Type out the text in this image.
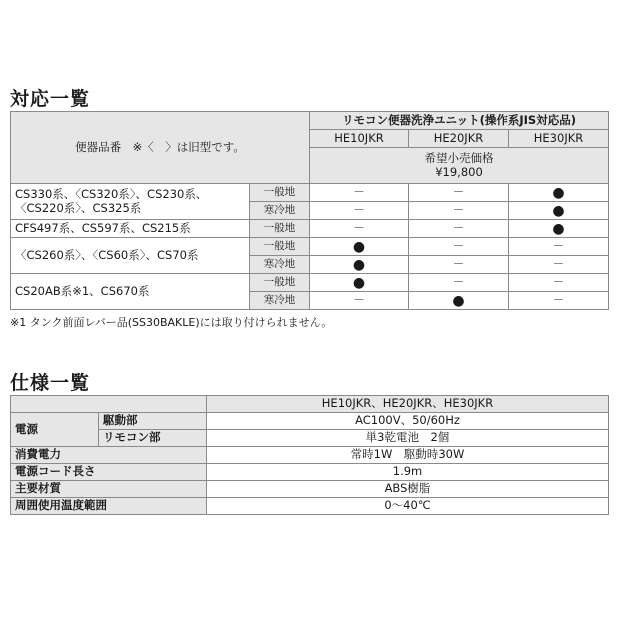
対応一覧
便器品番　※〈　〉は旧型です。		リモコン便器洗浄ユニット(操作系JIS対応品)		
		HE10JKR	HE20JKR	HE30JKR

		希望小売価格
¥19,800		

CS330系、〈CS320系〉、CS230系、
〈CS220系〉、CS325系	一般地	－	－	●
	寒冷地	－	－	●
CFS497系、CS597系、CS215系	一般地	－	－	●
〈CS260系〉、〈CS60系〉、CS70系	一般地	●	－	－
	寒冷地	●	－	－
CS20AB系※1、CS670系	一般地	●	－	－
	寒冷地	－	●	－
※1 タンク前面レバー品(SS30BAKLE)には取り付けられません。
仕様一覧
		HE10JKR、HE20JKR、HE30JKR
電源	駆動部	AC100V、50/60Hz
	リモコン部	単3乾電池　2個
消費電力		常時1W　駆動時30W
電源コード長さ		1.9m
主要材質		ABS樹脂
周囲使用温度範囲		0～40℃
